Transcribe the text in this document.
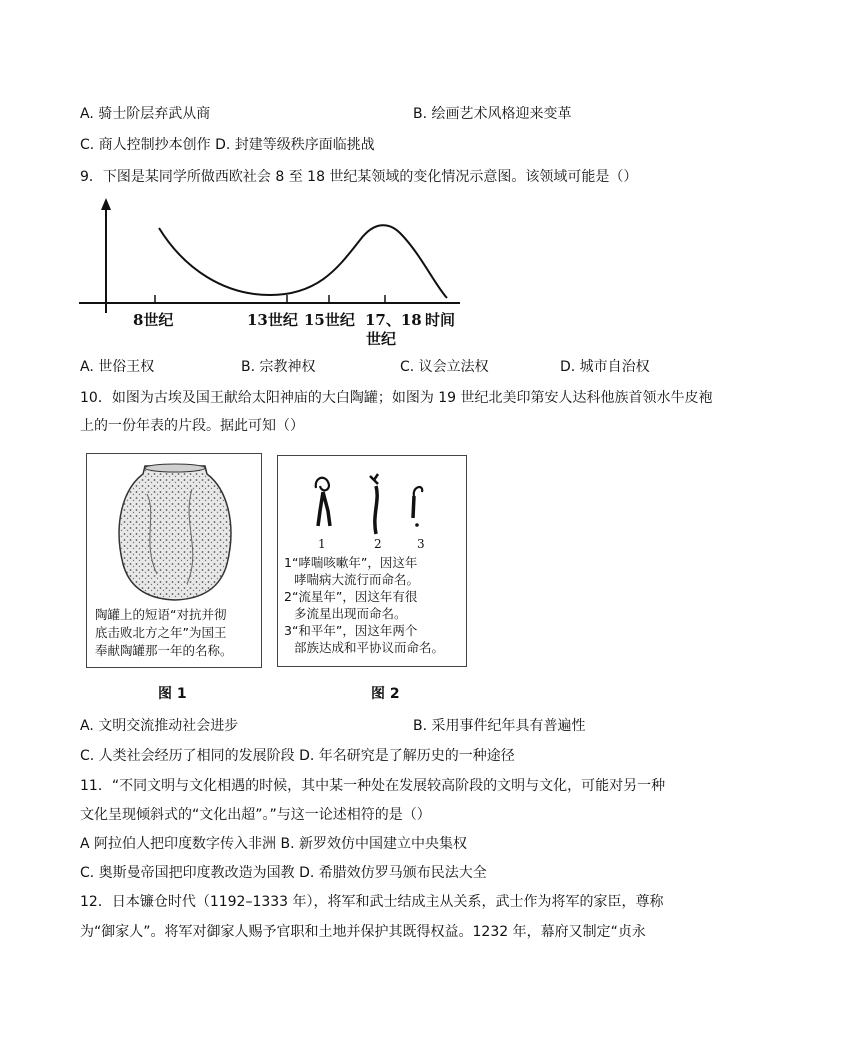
A. 骑士阶层弃武从商	B. 绘画艺术风格迎来变革
C. 商人控制抄本创作 D. 封建等级秩序面临挑战
9．下图是某同学所做西欧社会 8 至 18 世纪某领域的变化情况示意图。该领域可能是（）
8世纪	13世纪 15世纪 17、18
世纪
时间
A. 世俗王权	B. 宗教神权	C. 议会立法权	D. 城市自治权
10．如图为古埃及国王献给太阳神庙的大白陶罐；如图为 19 世纪北美印第安人达科他族首领水牛皮袍
上的一份年表的片段。据此可知（）
陶罐上的短语“对抗并彻
底击败北方之年”为国王
奉献陶罐那一年的名称。
1	2	3
1“哮喘咳嗽年”，因这年
哮喘病大流行而命名。
2“流星年”，因这年有很
多流星出现而命名。
3“和平年”，因这年两个
部族达成和平协议而命名。
图 1	图 2
A. 文明交流推动社会进步	B. 采用事件纪年具有普遍性
C. 人类社会经历了相同的发展阶段 D. 年名研究是了解历史的一种途径
11．“不同文明与文化相遇的时候，其中某一种处在发展较高阶段的文明与文化，可能对另一种
文化呈现倾斜式的“文化出超”。”与这一论述相符的是（）
A 阿拉伯人把印度数字传入非洲 B. 新罗效仿中国建立中央集权
C. 奥斯曼帝国把印度教改造为国教 D. 希腊效仿罗马颁布民法大全
12．日本镰仓时代（1192–1333 年），将军和武士结成主从关系，武士作为将军的家臣，尊称
为“御家人”。将军对御家人赐予官职和土地并保护其既得权益。1232 年，幕府又制定“贞永
